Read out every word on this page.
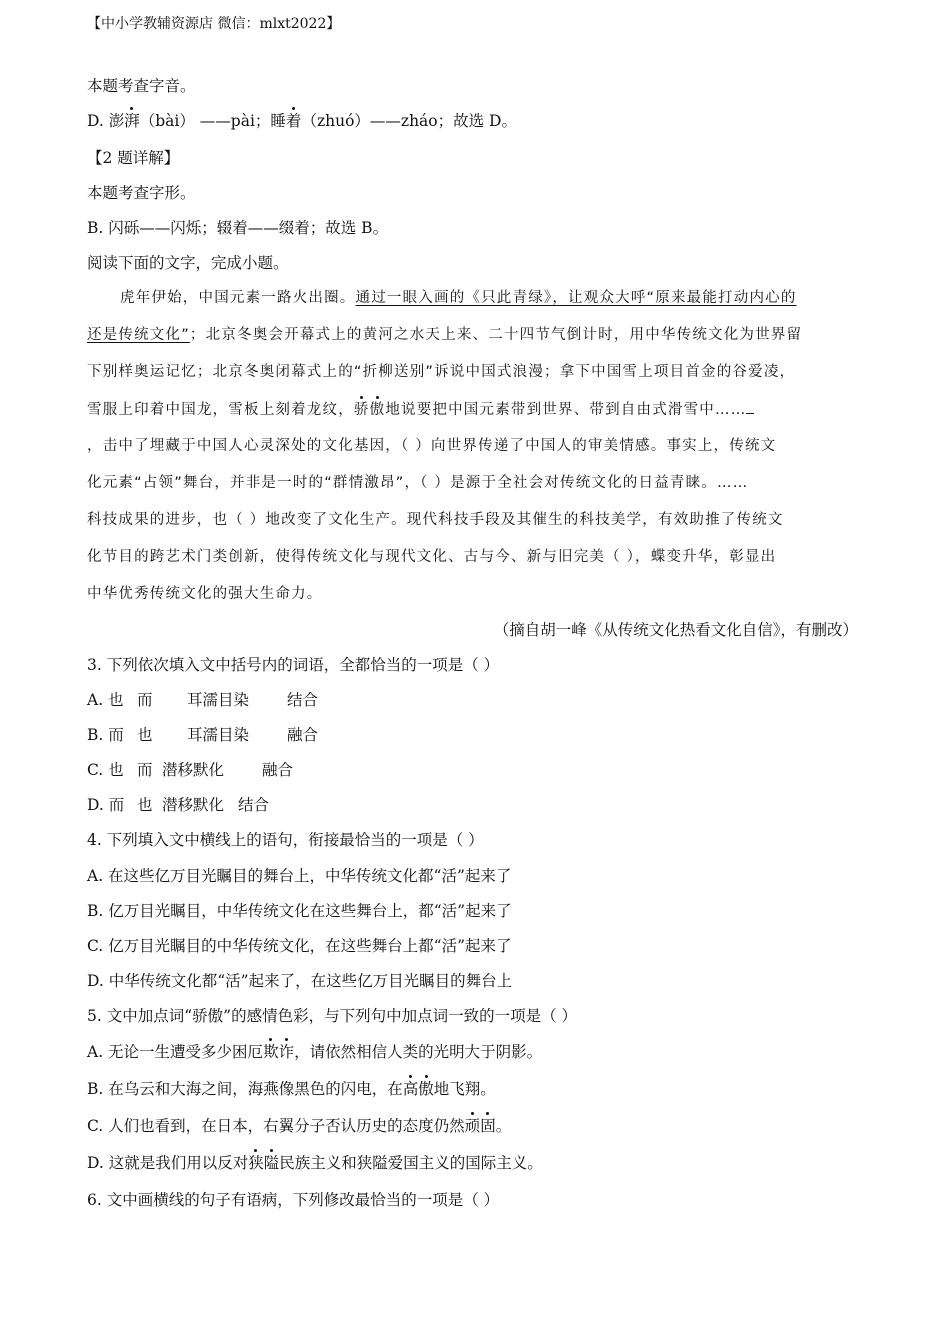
【中小学教辅资源店 微信：mlxt2022】
本题考查字音。
D. 澎湃（bài） ——pài；睡着（zhuó）——zháo；故选 D。
【2 题详解】
本题考查字形。
B. 闪砾——闪烁；辍着——缀着；故选 B。
阅读下面的文字，完成小题。
虎年伊始，中国元素一路火出圈。通过一眼入画的《只此青绿》，让观众大呼“原来最能打动内心的
还是传统文化”；北京冬奥会开幕式上的黄河之水天上来、二十四节气倒计时，用中华传统文化为世界留
下别样奥运记忆；北京冬奥闭幕式上的“折柳送别”诉说中国式浪漫；拿下中国雪上项目首金的谷爱凌，
雪服上印着中国龙，雪板上刻着龙纹，骄傲地说要把中国元素带到世界、带到自由式滑雪中……
，击中了埋藏于中国人心灵深处的文化基因，（ ）向世界传递了中国人的审美情感。事实上，传统文
化元素“占领”舞台，并非是一时的“群情激昂”，（ ）是源于全社会对传统文化的日益青睐。……
科技成果的进步，也（ ）地改变了文化生产。现代科技手段及其催生的科技美学，有效助推了传统文
化节目的跨艺术门类创新，使得传统文化与现代文化、古与今、新与旧完美（ ），蝶变升华，彰显出
中华优秀传统文化的强大生命力。
（摘自胡一峰《从传统文化热看文化自信》，有删改）
3. 下列依次填入文中括号内的词语，全都恰当的一项是（ ）
A. 也 而 耳濡目染 结合
B. 而 也 耳濡目染 融合
C. 也 而 潜移默化 融合
D. 而 也 潜移默化 结合
4. 下列填入文中横线上的语句，衔接最恰当的一项是（ ）
A. 在这些亿万目光瞩目的舞台上，中华传统文化都“活”起来了
B. 亿万目光瞩目，中华传统文化在这些舞台上，都“活”起来了
C. 亿万目光瞩目的中华传统文化，在这些舞台上都“活”起来了
D. 中华传统文化都“活”起来了，在这些亿万目光瞩目的舞台上
5. 文中加点词“骄傲”的感情色彩，与下列句中加点词一致的一项是（ ）
A. 无论一生遭受多少困厄欺诈，请依然相信人类的光明大于阴影。
B. 在乌云和大海之间，海燕像黑色的闪电，在高傲地飞翔。
C. 人们也看到，在日本，右翼分子否认历史的态度仍然顽固。
D. 这就是我们用以反对狭隘民族主义和狭隘爱国主义的国际主义。
6. 文中画横线的句子有语病，下列修改最恰当的一项是（ ）
